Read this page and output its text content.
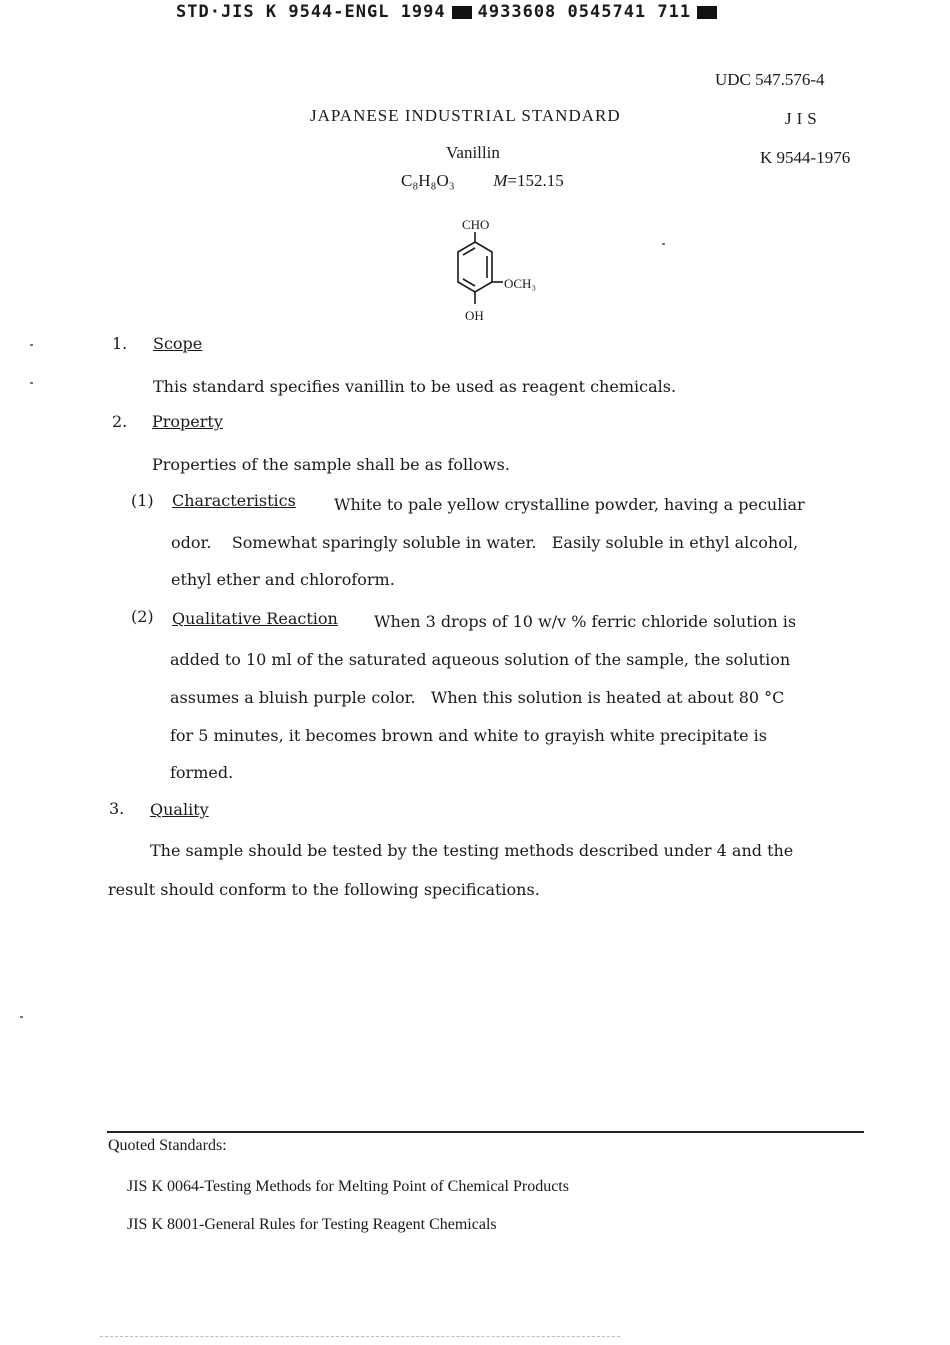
STD·JIS K 9544-ENGL 1994 4933608 0545741 711
UDC 547.576-4
JAPANESE INDUSTRIAL STANDARD	JIS
Vanillin	K 9544-1976
C₈H₈O₃ M=152.15
CHO
OCH₃
OH
1. Scope
This standard specifies vanillin to be used as reagent chemicals.
2. Property
Properties of the sample shall be as follows.
(1) Characteristics White to pale yellow crystalline powder, having a peculiar
odor.    Somewhat sparingly soluble in water.   Easily soluble in ethyl alcohol,
ethyl ether and chloroform.
(2) Qualitative Reaction When 3 drops of 10 w/v % ferric chloride solution is
added to 10 ml of the saturated aqueous solution of the sample, the solution
assumes a bluish purple color.   When this solution is heated at about 80 °C
for 5 minutes, it becomes brown and white to grayish white precipitate is
formed.
3. Quality
The sample should be tested by the testing methods described under 4 and the
result should conform to the following specifications.
Quoted Standards:
JIS K 0064-Testing Methods for Melting Point of Chemical Products
JIS K 8001-General Rules for Testing Reagent Chemicals
